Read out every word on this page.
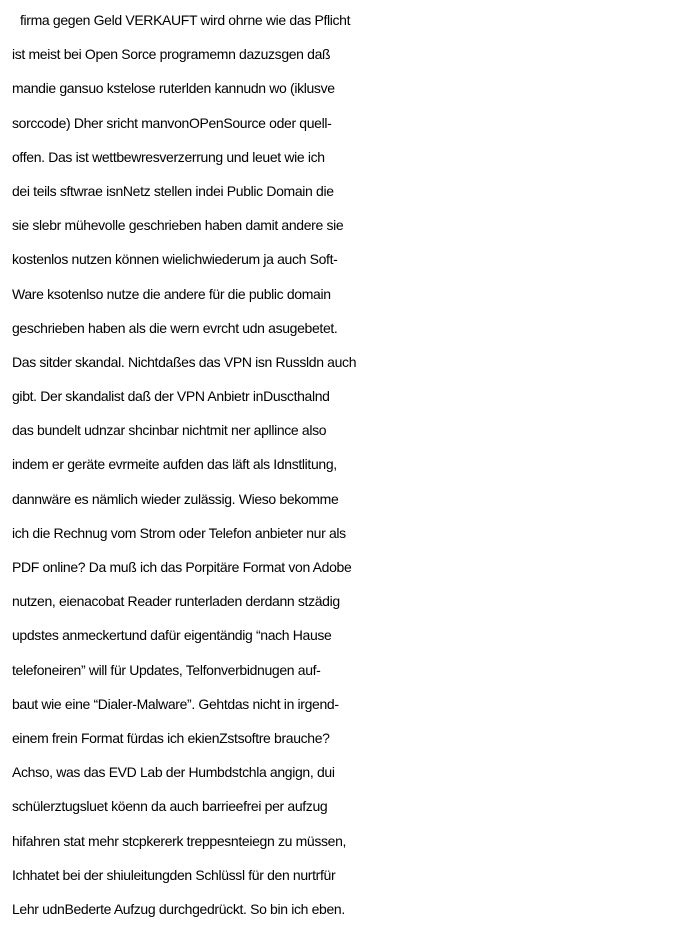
firma gegen Geld VERKAUFT wird ohrne wie das Pflicht
ist meist bei Open Sorce programemn dazuzsgen daß
mandie gansuo kstelose ruterlden kannudn wo (iklusve
sorccode) Dher sricht manvonOPenSource oder quell-
offen. Das ist wettbewresverzerrung und leuet wie ich
dei teils sftwrae isnNetz stellen indei Public Domain die
sie slebr mühevolle geschrieben haben damit andere sie
kostenlos nutzen können wielichwiederum ja auch Soft-
Ware ksotenlso nutze die andere für die public domain
geschrieben haben als die wern evrcht udn asugebetet.
Das sitder skandal. Nichtdaßes das VPN isn Russldn auch
gibt. Der skandalist daß der VPN Anbietr inDuscthalnd
das bundelt udnzar shcinbar nichtmit ner apllince also
indem er geräte evrmeite aufden das läft als Idnstlitung,
dannwäre es nämlich wieder zulässig. Wieso bekomme
ich die Rechnug vom Strom oder Telefon anbieter nur als
PDF online? Da muß ich das Porpitäre Format von Adobe
nutzen, eienacobat Reader runterladen derdann stzädig
updstes anmeckertund dafür eigentändig “nach Hause
telefoneiren” will für Updates, Telfonverbidnugen auf-
baut wie eine “Dialer-Malware”. Gehtdas nicht in irgend-
einem frein Format fürdas ich ekienZstsoftre brauche?
Achso, was das EVD Lab der Humbdstchla angign, dui
schülerztugsluet köenn da auch barrieefrei per aufzug
hifahren stat mehr stcpkererk treppesnteiegn zu müssen,
Ichhatet bei der shiuleitungden Schlüssl für den nurtrfür
Lehr udnBederte Aufzug durchgedrückt. So bin ich eben.
